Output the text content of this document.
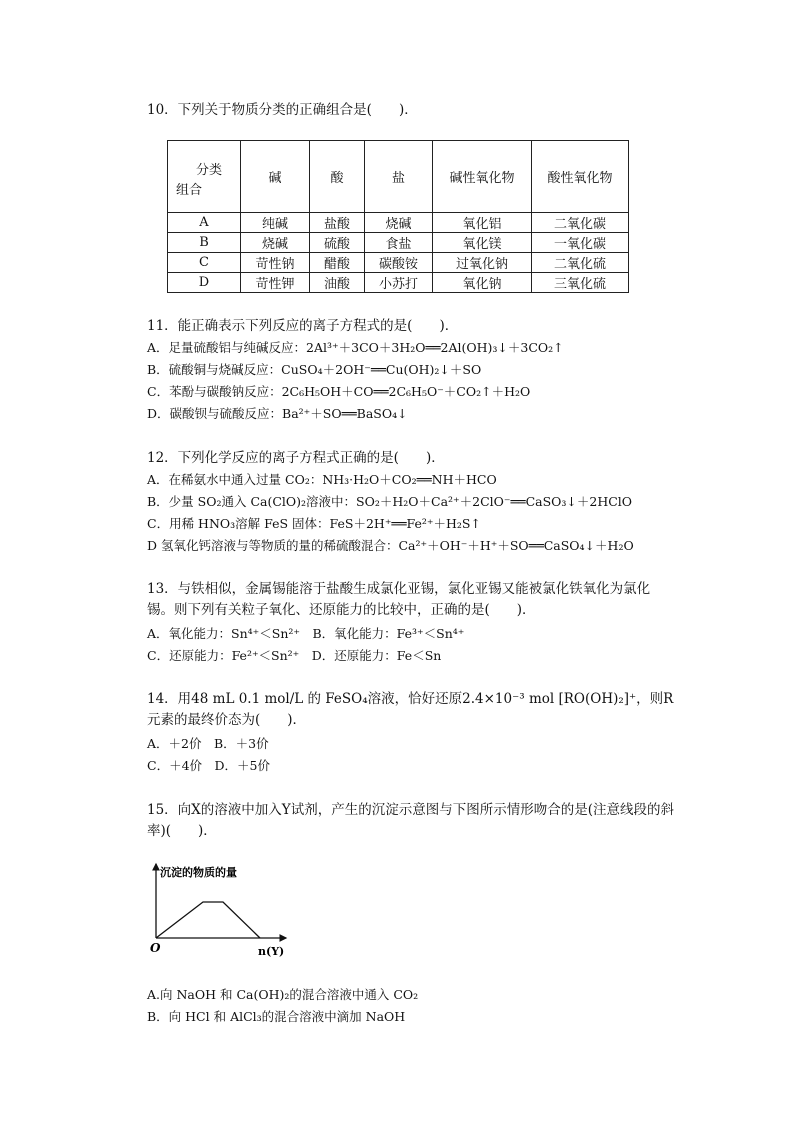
10．下列关于物质分类的正确组合是(　　)．
分类
组合	碱	酸	盐	碱性氧化物	酸性氧化物
A	纯碱	盐酸	烧碱	氧化铝	二氧化碳
B	烧碱	硫酸	食盐	氧化镁	一氧化碳
C	苛性钠	醋酸	碳酸铵	过氧化钠	二氧化硫
D	苛性钾	油酸	小苏打	氧化钠	三氧化硫
11．能正确表示下列反应的离子方程式的是(　　)．
A．足量硫酸铝与纯碱反应：2Al³⁺＋3CO＋3H₂O══2Al(OH)₃↓＋3CO₂↑
B．硫酸铜与烧碱反应：CuSO₄＋2OH⁻══Cu(OH)₂↓＋SO
C．苯酚与碳酸钠反应：2C₆H₅OH＋CO══2C₆H₅O⁻＋CO₂↑＋H₂O
D．碳酸钡与硫酸反应：Ba²⁺＋SO══BaSO₄↓
12．下列化学反应的离子方程式正确的是(　　)．
A．在稀氨水中通入过量 CO₂：NH₃·H₂O＋CO₂══NH＋HCO
B．少量 SO₂通入 Ca(ClO)₂溶液中：SO₂＋H₂O＋Ca²⁺＋2ClO⁻══CaSO₃↓＋2HClO
C．用稀 HNO₃溶解 FeS 固体：FeS＋2H⁺══Fe²⁺＋H₂S↑
D 氢氧化钙溶液与等物质的量的稀硫酸混合：Ca²⁺＋OH⁻＋H⁺＋SO══CaSO₄↓＋H₂O
13．与铁相似，金属锡能溶于盐酸生成氯化亚锡，氯化亚锡又能被氯化铁氧化为氯化锡。则下列有关粒子氧化、还原能力的比较中，正确的是(　　)．
A．氧化能力：Sn⁴⁺＜Sn²⁺　B．氧化能力：Fe³⁺＜Sn⁴⁺
C．还原能力：Fe²⁺＜Sn²⁺　D．还原能力：Fe＜Sn
14．用48 mL 0.1 mol/L 的 FeSO₄溶液，恰好还原2.4×10⁻³ mol [RO(OH)₂]⁺，则R元素的最终价态为(　　)．
A．＋2价　B．＋3价
C．＋4价　D．＋5价
15．向X的溶液中加入Y试剂，产生的沉淀示意图与下图所示情形吻合的是(注意线段的斜率)(　　)．
沉淀的物质的量
O	n(Y)
A.向 NaOH 和 Ca(OH)₂的混合溶液中通入 CO₂
B．向 HCl 和 AlCl₃的混合溶液中滴加 NaOH
